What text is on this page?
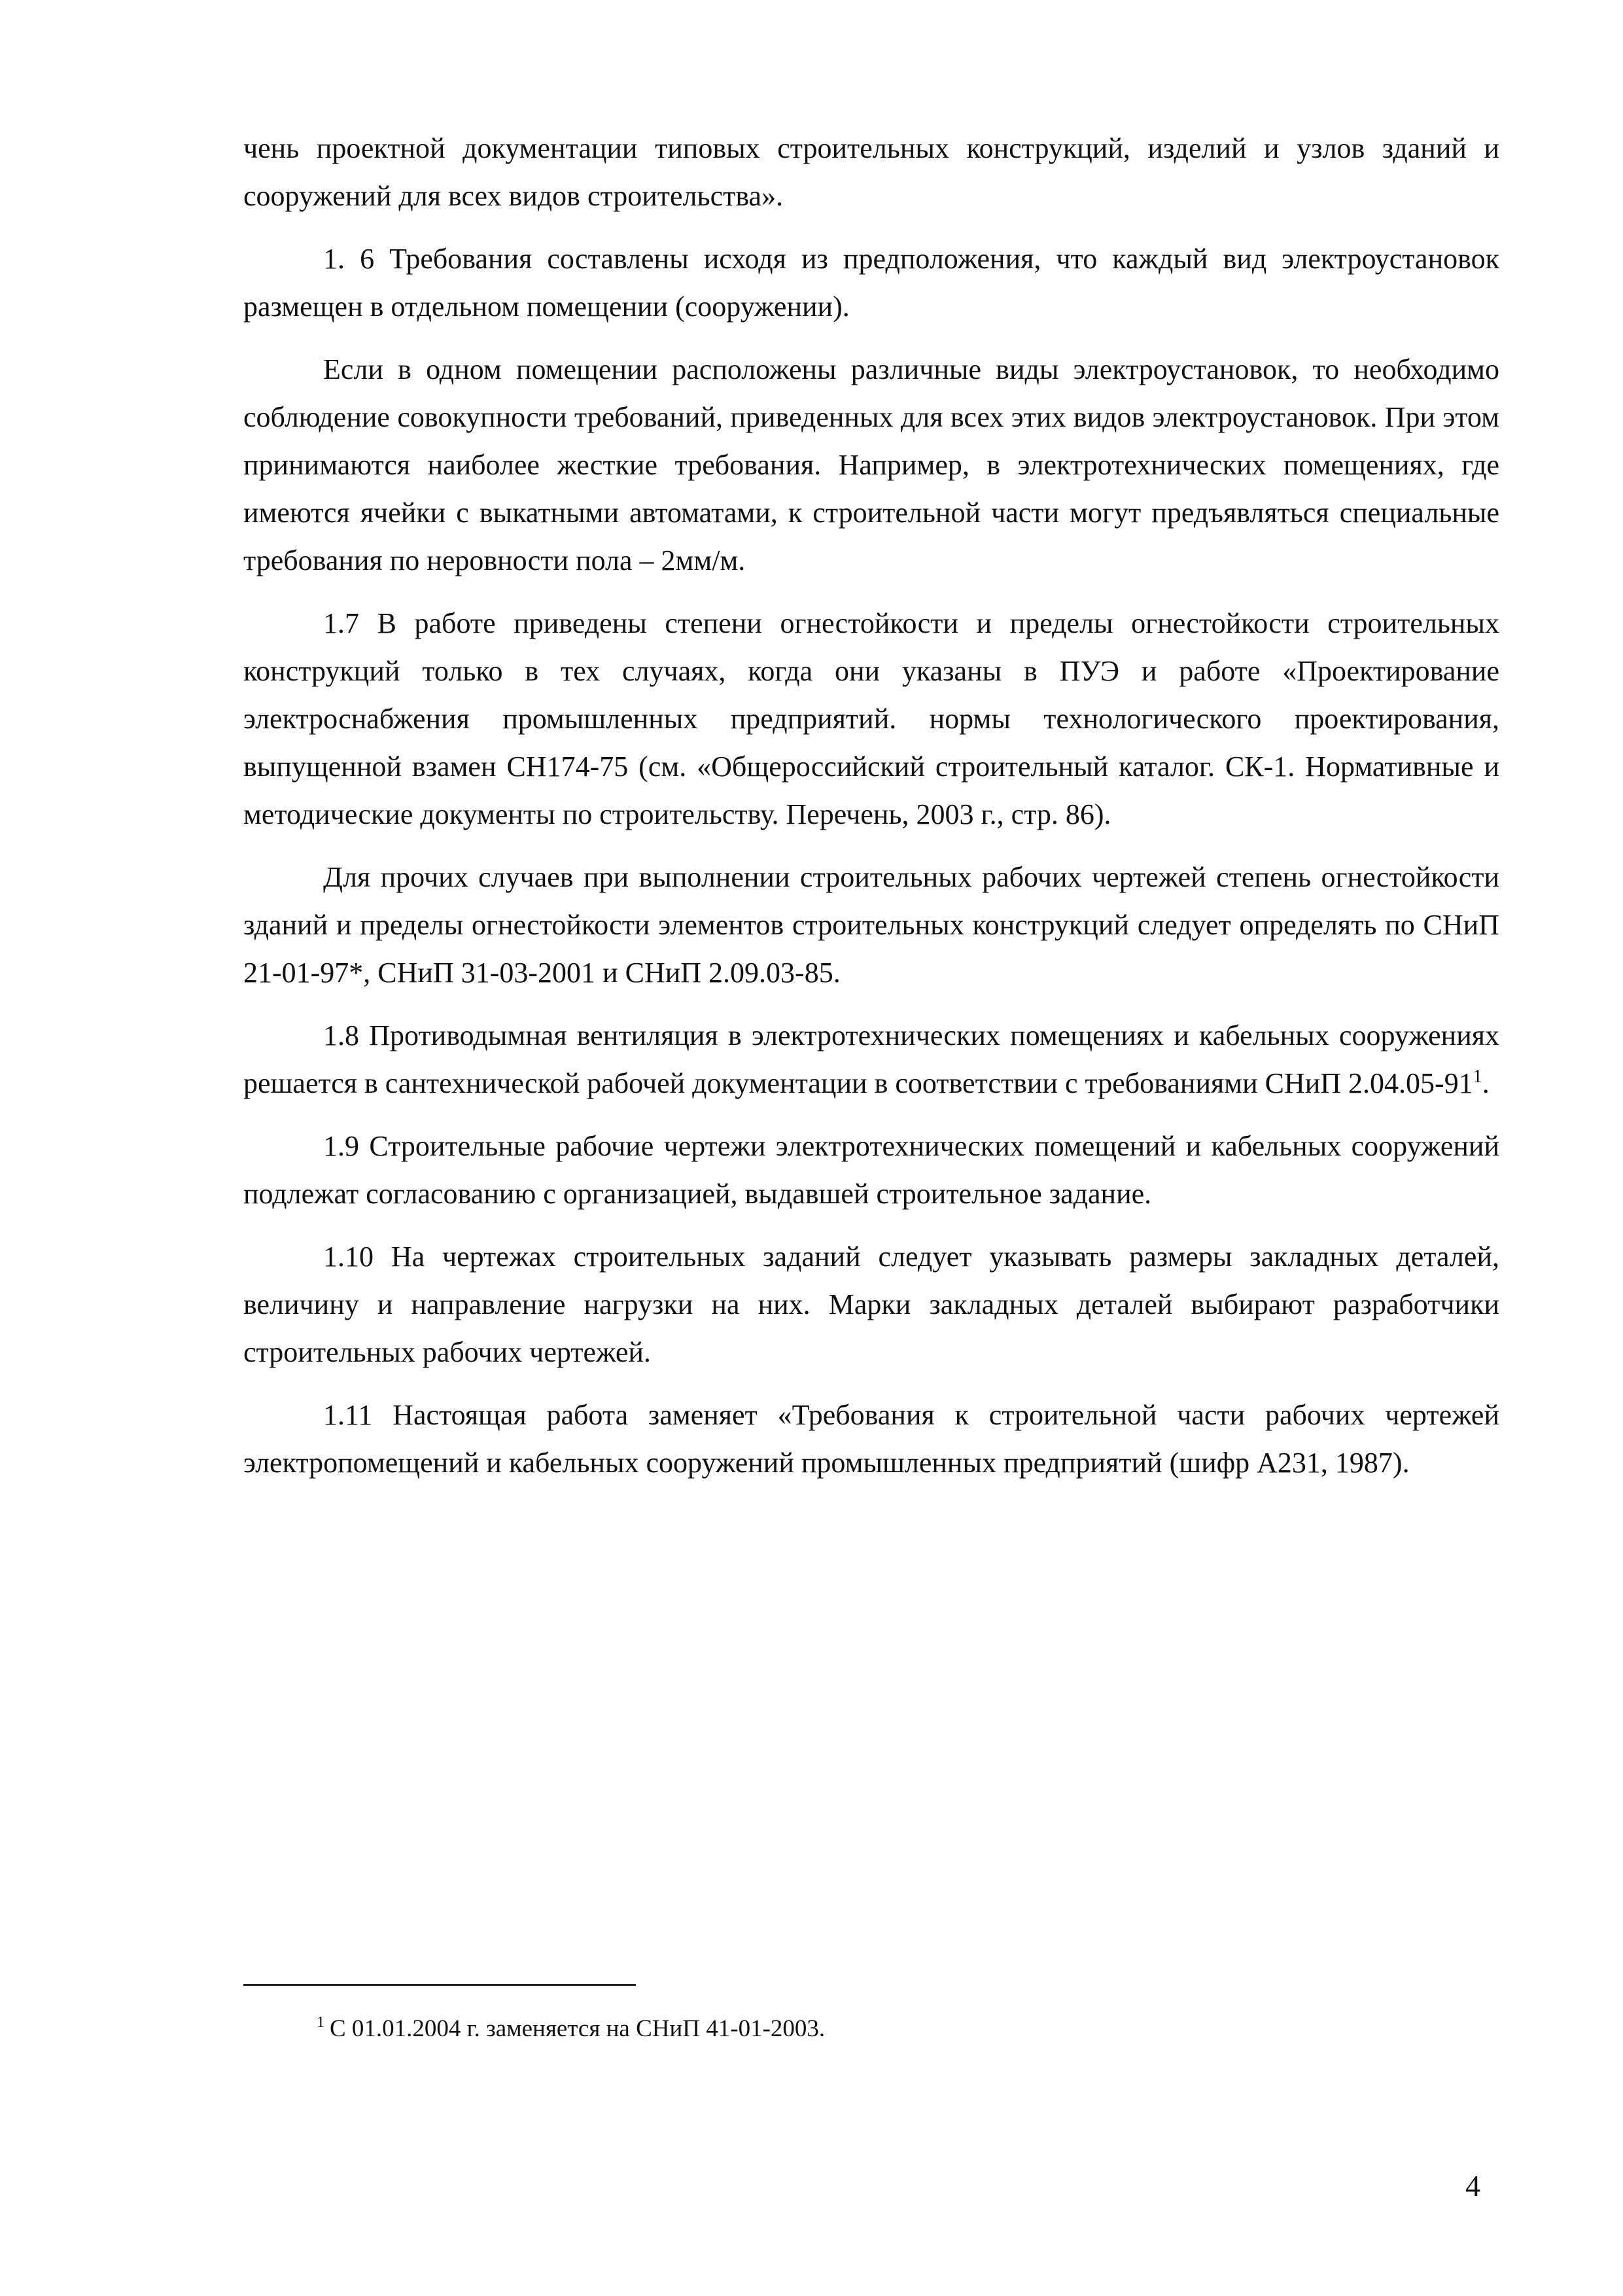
чень проектной документации типовых строительных конструкций, изделий и узлов зданий и сооружений для всех видов строительства».

1. 6 Требования составлены исходя из предположения, что каждый вид электроустановок размещен в отдельном помещении (сооружении).

Если в одном помещении расположены различные виды электроустановок, то необходимо соблюдение совокупности требований, приведенных для всех этих видов электроустановок. При этом принимаются наиболее жесткие требования. Например, в электротехнических помещениях, где имеются ячейки с выкатными автоматами, к строительной части могут предъявляться специальные требования по неровности пола – 2мм/м.

1.7 В работе приведены степени огнестойкости и пределы огнестойкости строительных конструкций только в тех случаях, когда они указаны в ПУЭ и работе «Проектирование электроснабжения промышленных предприятий. нормы технологического проектирования, выпущенной взамен СН174-75 (см. «Общероссийский строительный каталог. СК-1. Нормативные и методические документы по строительству. Перечень, 2003 г., стр. 86).

Для прочих случаев при выполнении строительных рабочих чертежей степень огнестойкости зданий и пределы огнестойкости элементов строительных конструкций следует определять по СНиП 21-01-97*, СНиП 31-03-2001 и СНиП 2.09.03-85.

1.8 Противодымная вентиляция в электротехнических помещениях и кабельных сооружениях решается в сантехнической рабочей документации в соответствии с требованиями СНиП 2.04.05-91$^1$.

1.9 Строительные рабочие чертежи электротехнических помещений и кабельных сооружений подлежат согласованию с организацией, выдавшей строительное задание.

1.10 На чертежах строительных заданий следует указывать размеры закладных деталей, величину и направление нагрузки на них. Марки закладных деталей выбирают разработчики строительных рабочих чертежей.

1.11 Настоящая работа заменяет «Требования к строительной части рабочих чертежей электропомещений и кабельных сооружений промышленных предприятий (шифр А231, 1987).

$^1$ С 01.01.2004 г. заменяется на СНиП 41-01-2003.

4
